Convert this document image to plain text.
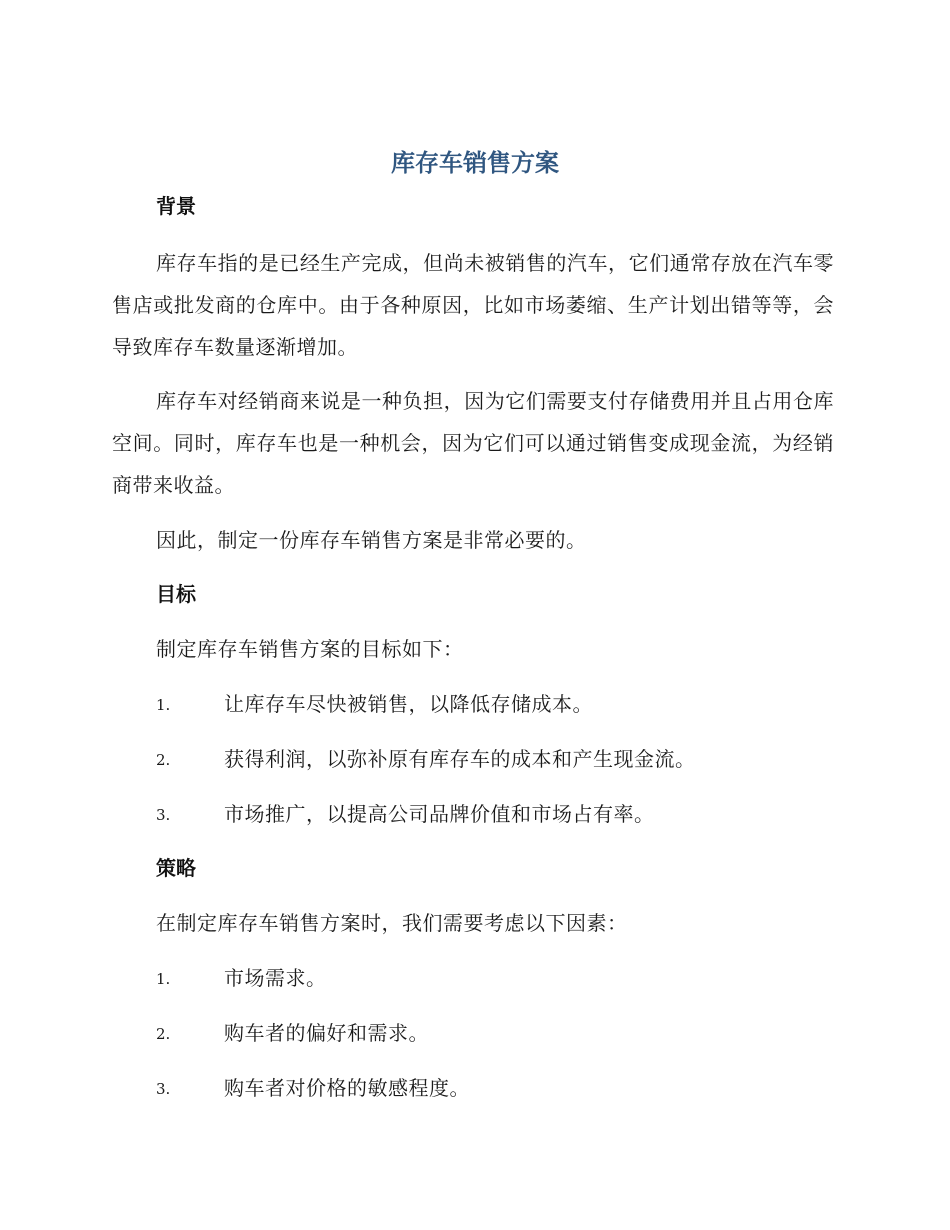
库存车销售方案
背景

库存车指的是已经生产完成，但尚未被销售的汽车，它们通常存放在汽车零售店或批发商的仓库中。由于各种原因，比如市场萎缩、生产计划出错等等，会导致库存车数量逐渐增加。

库存车对经销商来说是一种负担，因为它们需要支付存储费用并且占用仓库空间。同时，库存车也是一种机会，因为它们可以通过销售变成现金流，为经销商带来收益。

因此，制定一份库存车销售方案是非常必要的。

目标

制定库存车销售方案的目标如下：

1.	让库存车尽快被销售，以降低存储成本。
2.	获得利润，以弥补原有库存车的成本和产生现金流。
3.	市场推广，以提高公司品牌价值和市场占有率。
策略

在制定库存车销售方案时，我们需要考虑以下因素：

1.	市场需求。
2.	购车者的偏好和需求。
3.	购车者对价格的敏感程度。
